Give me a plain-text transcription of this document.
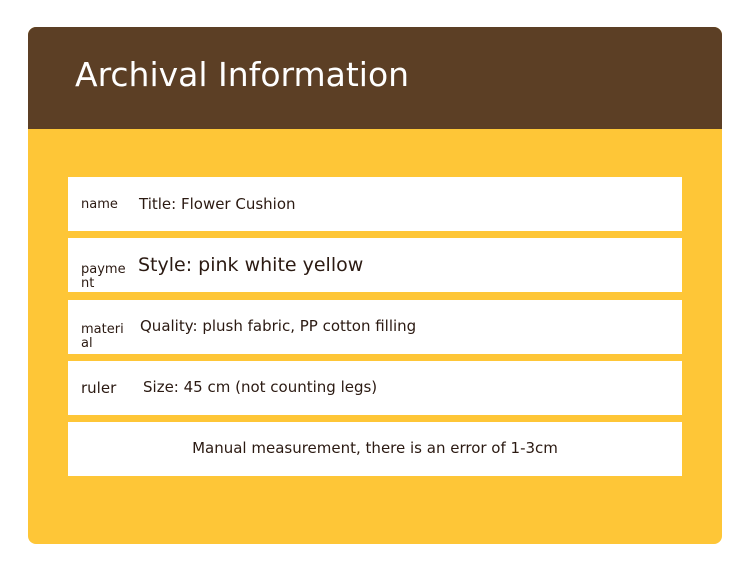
Archival Information
name	Title: Flower Cushion
payment
Style: pink white yellow
material
Quality: plush fabric, PP cotton filling
ruler	Size: 45 cm (not counting legs)
Manual measurement, there is an error of 1-3cm
